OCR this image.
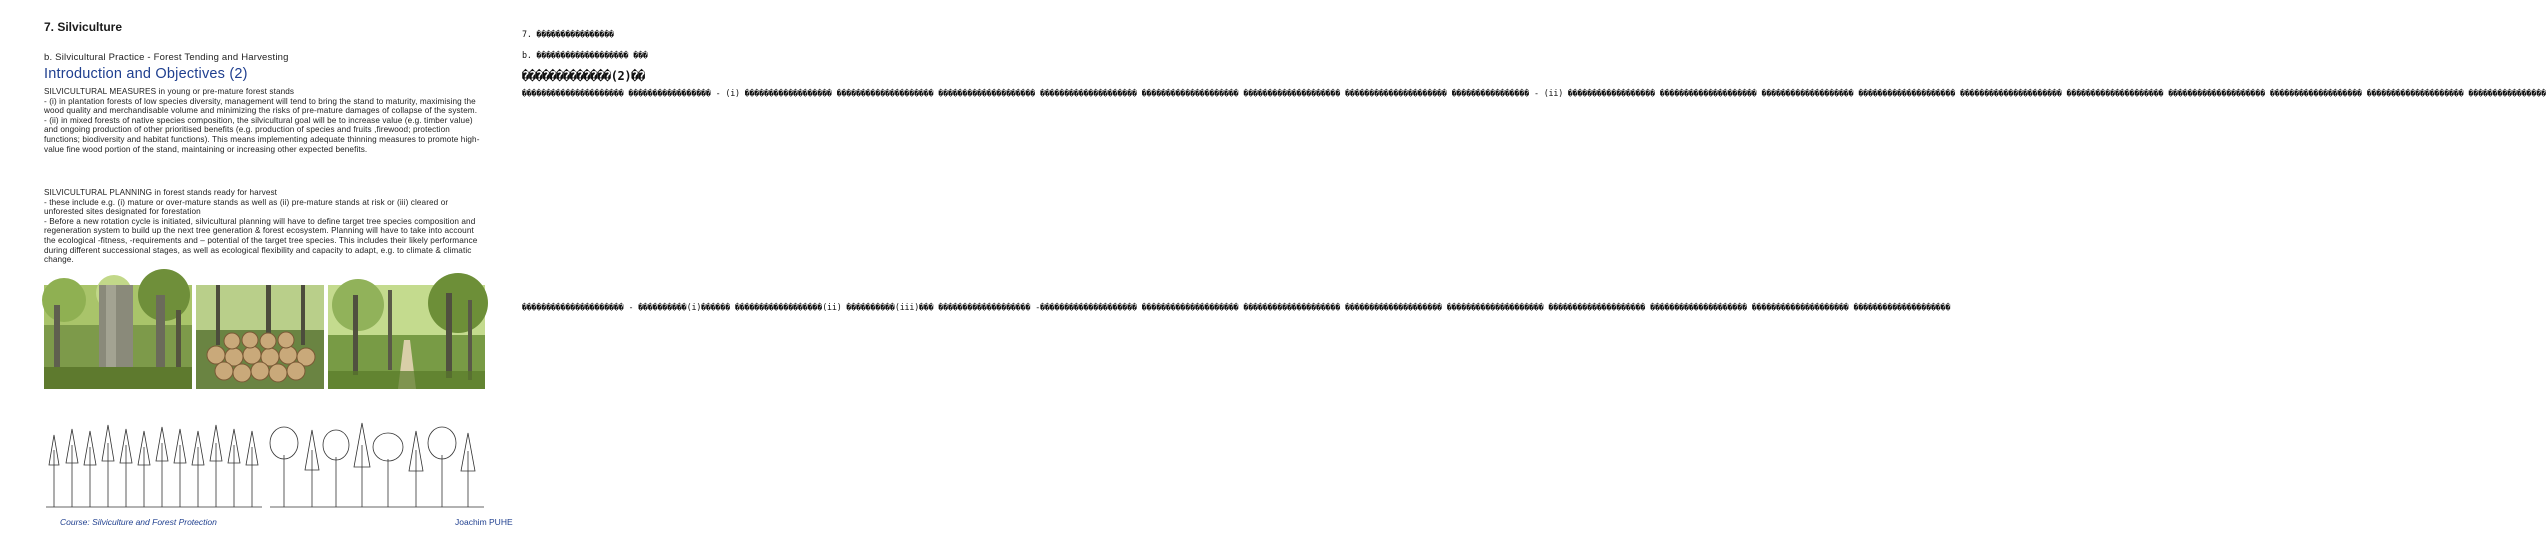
7. Silviculture
b. Silvicultural Practice - Forest Tending and Harvesting
Introduction and Objectives (2)

SILVICULTURAL MEASURES in young or pre-mature forest stands

- (i) in plantation forests of low species diversity, management will tend to bring the stand to maturity, maximising the wood quality and merchandisable volume and minimizing the risks of pre-mature damages of collapse of the system.

- (ii) in mixed forests of native species composition, the silvicultural goal will be to increase value (e.g. timber value) and ongoing production of other prioritised benefits (e.g. production of species and fruits ,firewood; protection functions; biodiversity and habitat functions). This means implementing adequate thinning measures to promote high-value fine wood portion of the stand, maintaining or increasing other expected benefits.

SILVICULTURAL PLANNING in forest stands ready for harvest

- these include e.g. (i) mature or over-mature stands as well as (ii) pre-mature stands at risk or (iii) cleared or unforested sites designated for forestation

- Before a new rotation cycle is initiated, silvicultural planning will have to define target tree species composition and regeneration system to build up the next tree generation & forest ecosystem. Planning will have to take into account the ecological -fitness, -requirements and – potential of the target tree species. This includes their likely performance during different successional stages, as well as ecological flexibility and capacity to adapt, e.g. to climate & climatic change.

Course: Silviculture and Forest Protection	Joachim PUHE
7. ����������������
b. ������������������� ���
�������������(2)��
��������������������� ����������������� - (i) ������������������ �������������������� �������������������� �������������������� �������������������� �������������������� ��������������������� ���������������� - (ii) ������������������ �������������������� ������������������� �������������������� ��������������������� �������������������� �������������������� ������������������� �������������������� ����������������
��������������������� - ����������(i)������ ������������������(ii) ����������(iii)��� ������������������� -�������������������� �������������������� �������������������� �������������������� �������������������� �������������������� �������������������� �������������������� ��������������������
